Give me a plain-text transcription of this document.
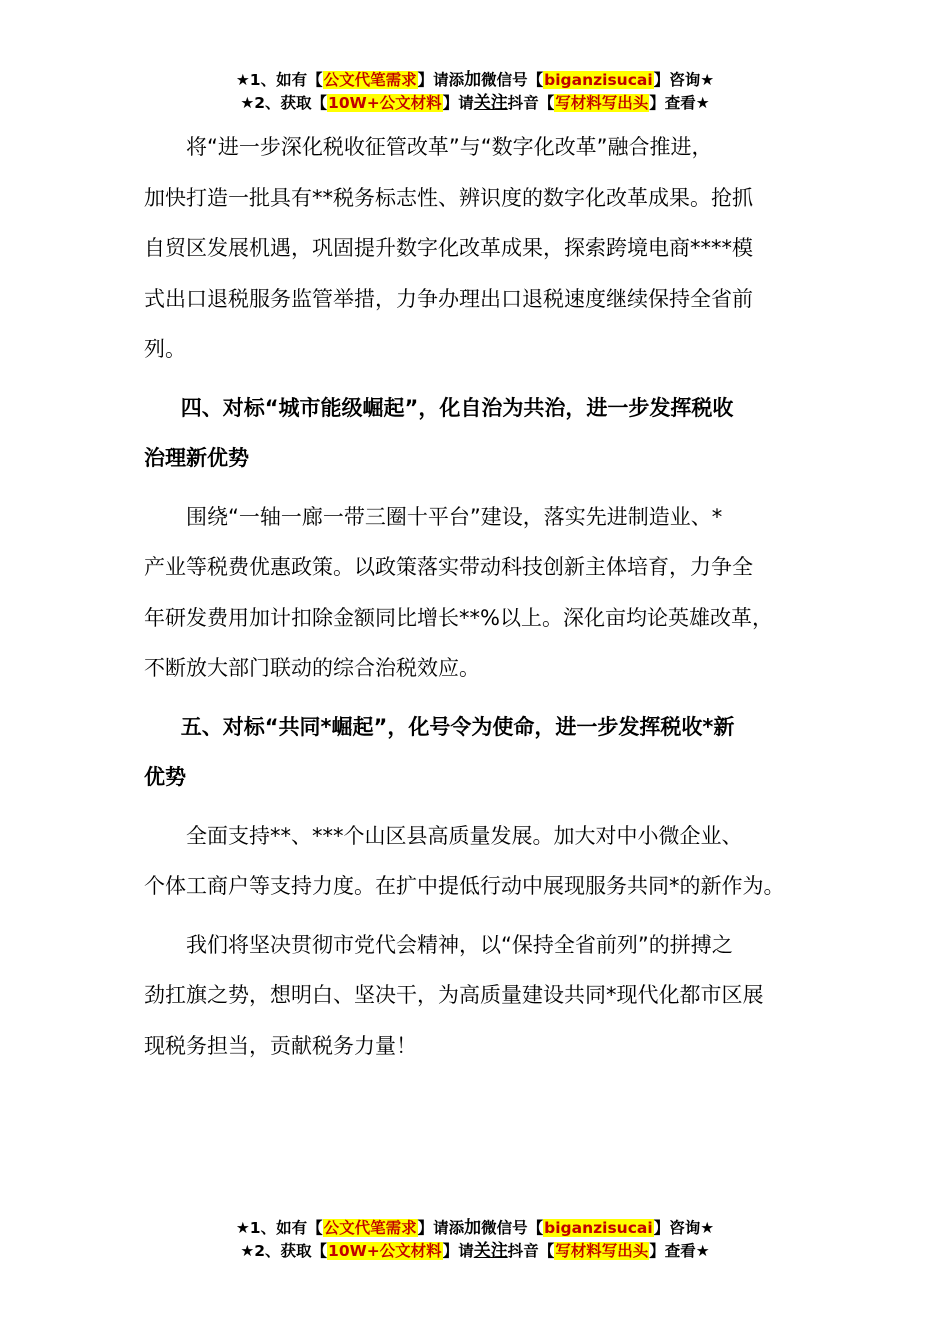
★1、如有【公文代笔需求】请添加微信号【biganzisucai】咨询★
★2、获取【10W+公文材料】请关注抖音【写材料写出头】查看★

将“进一步深化税收征管改革”与“数字化改革”融合推进，
加快打造一批具有**税务标志性、辨识度的数字化改革成果。抢抓
自贸区发展机遇，巩固提升数字化改革成果，探索跨境电商****模
式出口退税服务监管举措，力争办理出口退税速度继续保持全省前
列。

四、对标“城市能级崛起”，化自治为共治，进一步发挥税收
治理新优势

围绕“一轴一廊一带三圈十平台”建设，落实先进制造业、*
产业等税费优惠政策。以政策落实带动科技创新主体培育，力争全
年研发费用加计扣除金额同比增长**%以上。深化亩均论英雄改革，
不断放大部门联动的综合治税效应。

五、对标“共同*崛起”，化号令为使命，进一步发挥税收*新
优势

全面支持**、***个山区县高质量发展。加大对中小微企业、
个体工商户等支持力度。在扩中提低行动中展现服务共同*的新作为。

我们将坚决贯彻市党代会精神，以“保持全省前列”的拼搏之
劲扛旗之势，想明白、坚决干，为高质量建设共同*现代化都市区展
现税务担当，贡献税务力量！

★1、如有【公文代笔需求】请添加微信号【biganzisucai】咨询★
★2、获取【10W+公文材料】请关注抖音【写材料写出头】查看★
